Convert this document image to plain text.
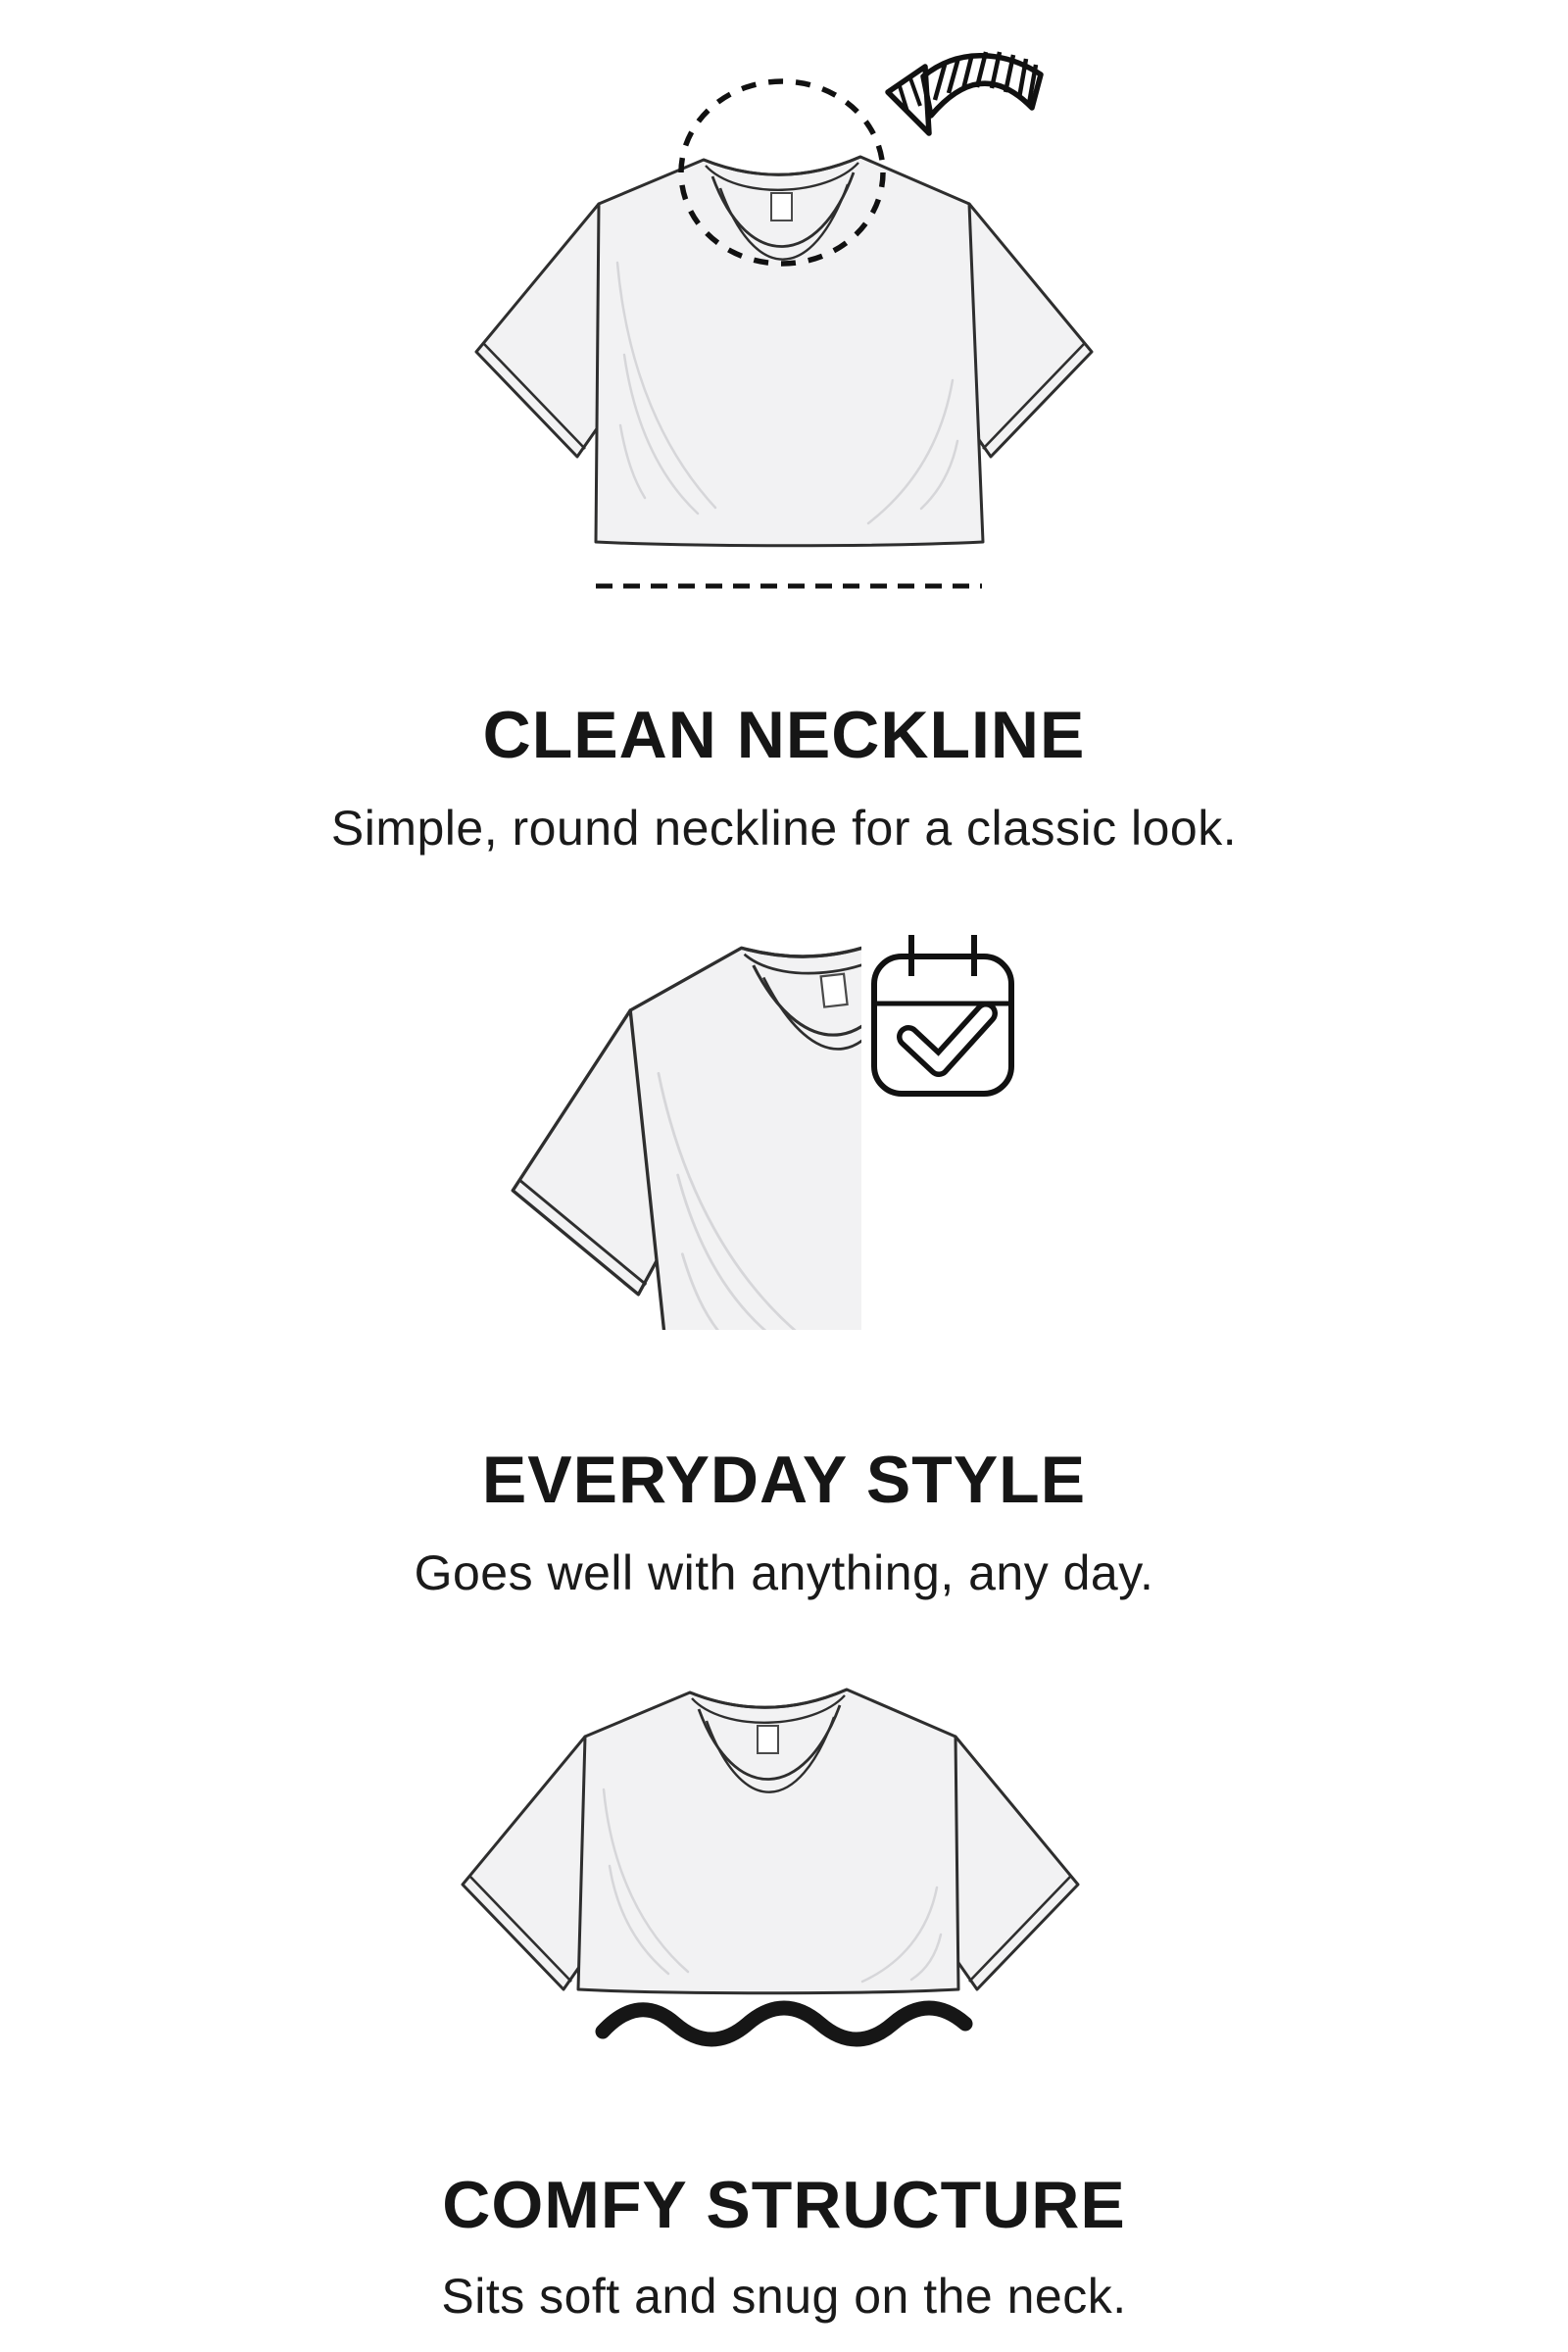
CLEAN NECKLINE

Simple, round neckline for a classic look.

EVERYDAY STYLE

Goes well with anything, any day.

COMFY STRUCTURE

Sits soft and snug on the neck.
